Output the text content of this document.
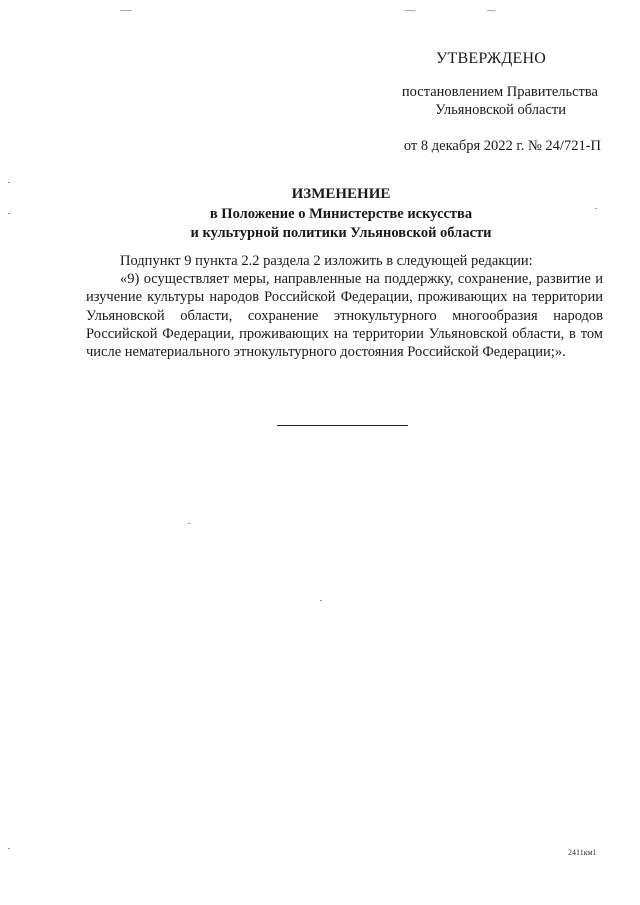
УТВЕРЖДЕНО
постановлением Правительства
Ульяновской области
от 8 декабря 2022 г. № 24/721-П
ИЗМЕНЕНИЕ
в Положение о Министерстве искусства
и культурной политики Ульяновской области

Подпункт 9 пункта 2.2 раздела 2 изложить в следующей редакции:

«9) осуществляет меры, направленные на поддержку, сохранение, развитие и изучение культуры народов Российской Федерации, проживающих на территории Ульяновской области, сохранение этнокультурного многообразия народов Российской Федерации, проживающих на территории Ульяновской области, в том числе нематериального этнокультурного достояния Российской Федерации;».

2411км1
